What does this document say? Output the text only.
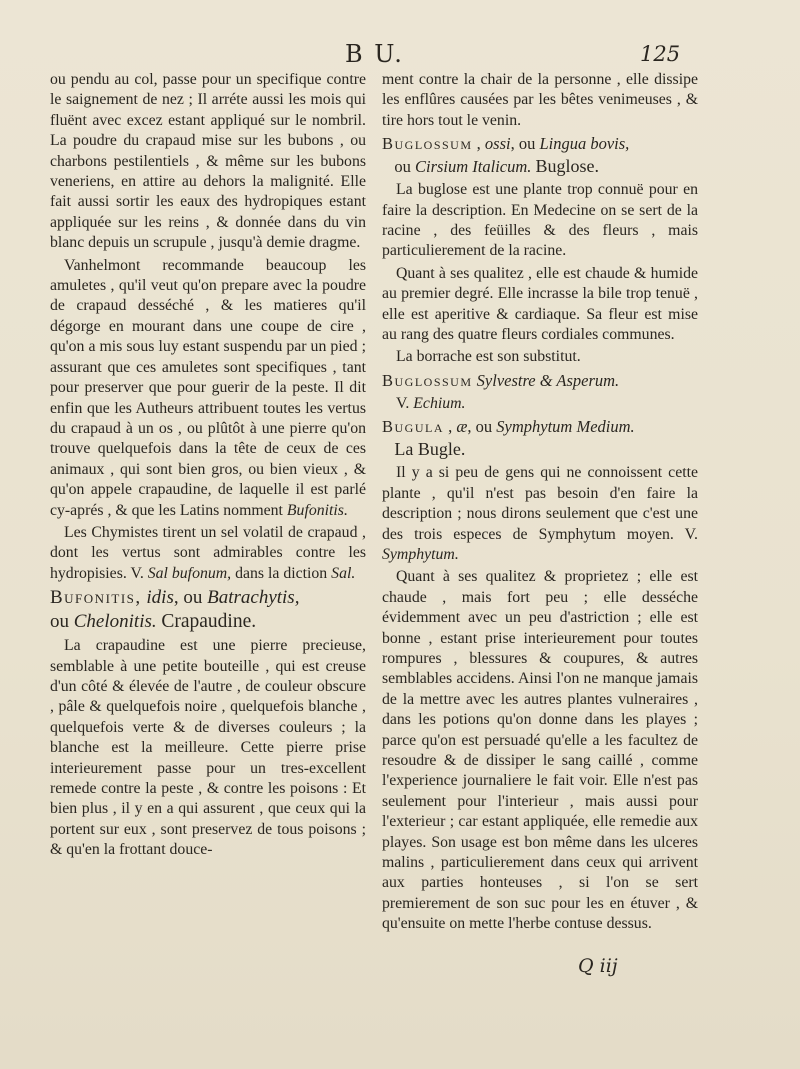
B U.	125

ou pendu au col, passe pour un specifique contre le saignement de nez ; Il arréte aussi les mois qui fluënt avec excez estant appliqué sur le nombril. La poudre du crapaud mise sur les bubons , ou charbons pestilentiels , & même sur les bubons veneriens, en attire au dehors la malignité. Elle fait aussi sortir les eaux des hydropiques estant appliquée sur les reins , & donnée dans du vin blanc depuis un scrupule , jusqu'à demie dragme.

Vanhelmont recommande beaucoup les amuletes , qu'il veut qu'on prepare avec la poudre de crapaud desséché , & les matieres qu'il dégorge en mourant dans une coupe de cire , qu'on a mis sous luy estant suspendu par un pied ; assurant que ces amuletes sont specifiques , tant pour preserver que pour guerir de la peste. Il dit enfin que les Autheurs attribuent toutes les vertus du crapaud à un os , ou plûtôt à une pierre qu'on trouve quelquefois dans la tête de ceux de ces animaux , qui sont bien gros, ou bien vieux , & qu'on appele crapaudine, de laquelle il est parlé cy-aprés , & que les Latins nomment Bufonitis.

Les Chymistes tirent un sel volatil de crapaud , dont les vertus sont admirables contre les hydropisies. V. Sal bufonum, dans la diction Sal.

Bufonitis, idis, ou Batrachytis,
ou Chelonitis. Crapaudine.

La crapaudine est une pierre precieuse, semblable à une petite bouteille , qui est creuse d'un côté & élevée de l'autre , de couleur obscure , pâle & quelquefois noire , quelquefois blanche , quelquefois verte & de diverses couleurs ; la blanche est la meilleure. Cette pierre prise interieurement passe pour un tres-excellent remede contre la peste , & contre les poisons : Et bien plus , il y en a qui assurent , que ceux qui la portent sur eux , sont preservez de tous poisons ; & qu'en la frottant douce-

ment contre la chair de la personne , elle dissipe les enflûres causées par les bêtes venimeuses , & tire hors tout le venin.

Buglossum , ossi, ou Lingua bovis,
ou Cirsium Italicum. Buglose.

La buglose est une plante trop connuë pour en faire la description. En Medecine on se sert de la racine , des feüilles & des fleurs , mais particulierement de la racine.

Quant à ses qualitez , elle est chaude & humide au premier degré. Elle incrasse la bile trop tenuë , elle est aperitive & cardiaque. Sa fleur est mise au rang des quatre fleurs cordiales communes.

La borrache est son substitut.

Buglossum Sylvestre & Asperum.

V. Echium.

Bugula , æ, ou Symphytum Medium.
La Bugle.

Il y a si peu de gens qui ne connoissent cette plante , qu'il n'est pas besoin d'en faire la description ; nous dirons seulement que c'est une des trois especes de Symphytum moyen. V. Symphytum.

Quant à ses qualitez & proprietez ; elle est chaude , mais fort peu ; elle desséche évidemment avec un peu d'astriction ; elle est bonne , estant prise interieurement pour toutes rompures , blessures & coupures, & autres semblables accidens. Ainsi l'on ne manque jamais de la mettre avec les autres plantes vulneraires , dans les potions qu'on donne dans les playes ; parce qu'on est persuadé qu'elle a les facultez de resoudre & de dissiper le sang caillé , comme l'experience journaliere le fait voir. Elle n'est pas seulement pour l'interieur , mais aussi pour l'exterieur ; car estant appliquée, elle remedie aux playes. Son usage est bon même dans les ulceres malins , particulierement dans ceux qui arrivent aux parties honteuses , si l'on se sert premierement de son suc pour les en étuver , & qu'ensuite on mette l'herbe contuse dessus.

Q iij
